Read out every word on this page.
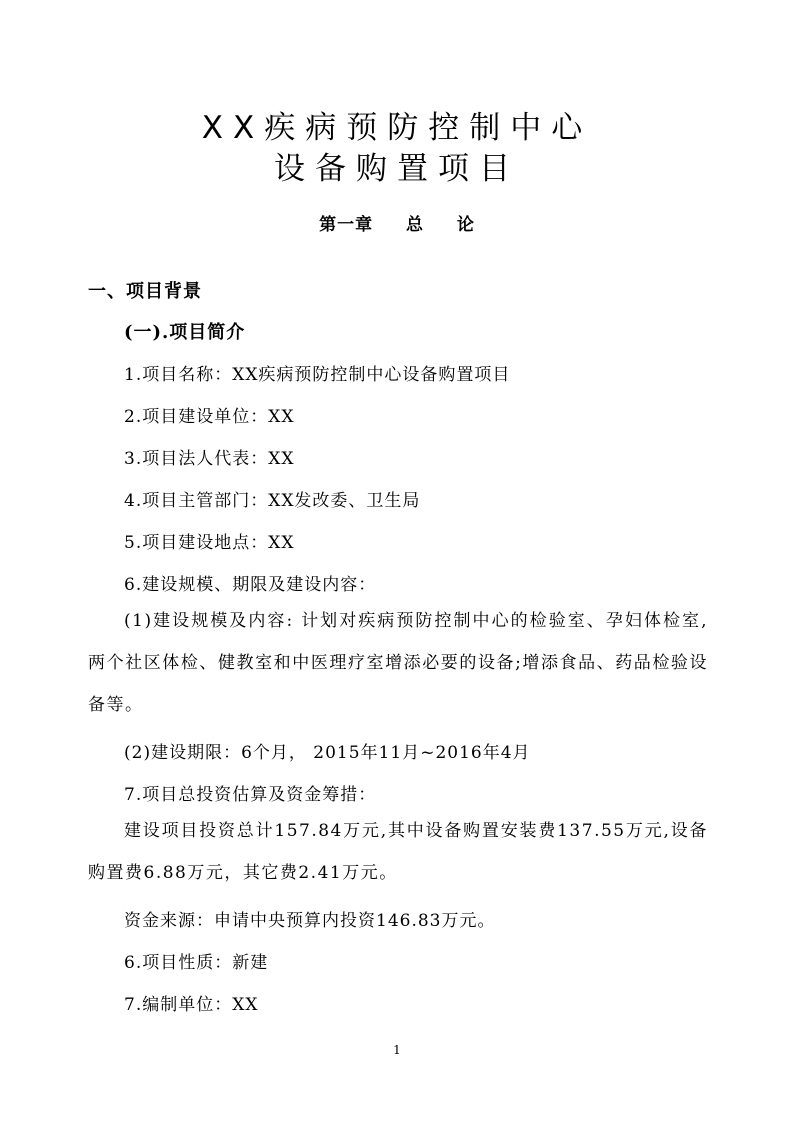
XX疾病预防控制中心
设备购置项目
第一章 总 论
一、项目背景
(一).项目简介
1.项目名称：XX疾病预防控制中心设备购置项目
2.项目建设单位：XX
3.项目法人代表：XX
4.项目主管部门：XX发改委、卫生局
5.项目建设地点：XX
6.建设规模、期限及建设内容：
(1)建设规模及内容: 计划对疾病预防控制中心的检验室、孕妇体检室,两个社区体检、健教室和中医理疗室增添必要的设备;增添食品、药品检验设备等。
(2)建设期限：6个月， 2015年11月~2016年4月
7.项目总投资估算及资金筹措：
建设项目投资总计157.84万元,其中设备购置安装费137.55万元,设备购置费6.88万元，其它费2.41万元。
资金来源：申请中央预算内投资146.83万元。
6.项目性质：新建
7.编制单位：XX
1
